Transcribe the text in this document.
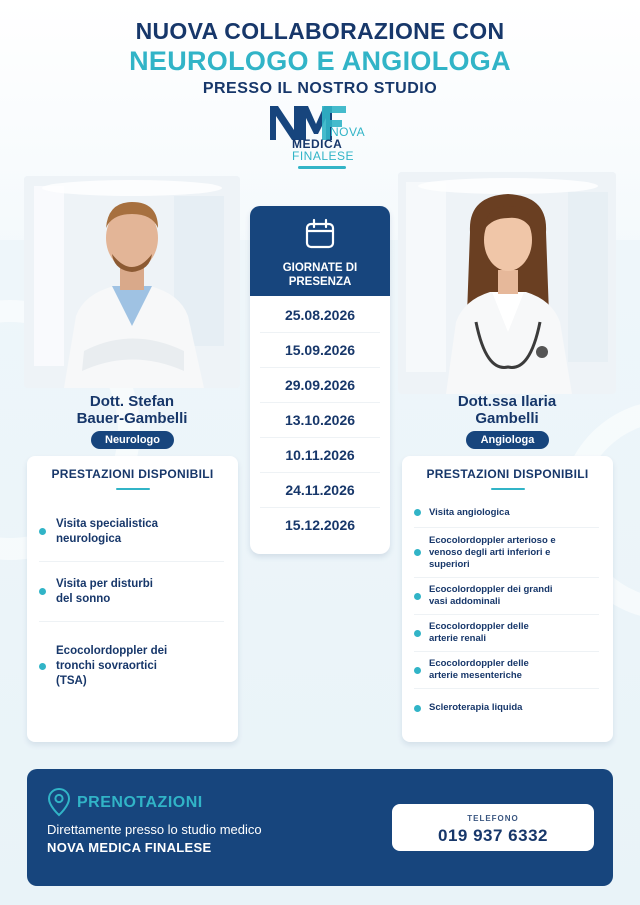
NUOVA COLLABORAZIONE CON
NEUROLOGO E ANGIOLOGA
PRESSO IL NOSTRO STUDIO
NOVA
MEDICA
FINALESE
Dott. Stefan
Bauer-Gambelli
Neurologo
Dott.ssa Ilaria
Gambelli
Angiologa
PRESTAZIONI DISPONIBILI
Visita specialistica
neurologica
Visita per disturbi
del sonno
Ecocolordoppler dei
tronchi sovraortici
(TSA)
PRESTAZIONI DISPONIBILI
Visita angiologica
Ecocolordoppler arterioso e
venoso degli arti inferiori e
superiori
Ecocolordoppler dei grandi
vasi addominali
Ecocolordoppler delle
arterie renali
Ecocolordoppler delle
arterie mesenteriche
Scleroterapia liquida
GIORNATE DI
PRESENZA
25.08.2026
15.09.2026
29.09.2026
13.10.2026
10.11.2026
24.11.2026
15.12.2026
PRENOTAZIONI
Direttamente presso lo studio medico
NOVA MEDICA FINALESE
TELEFONO
019 937 6332
